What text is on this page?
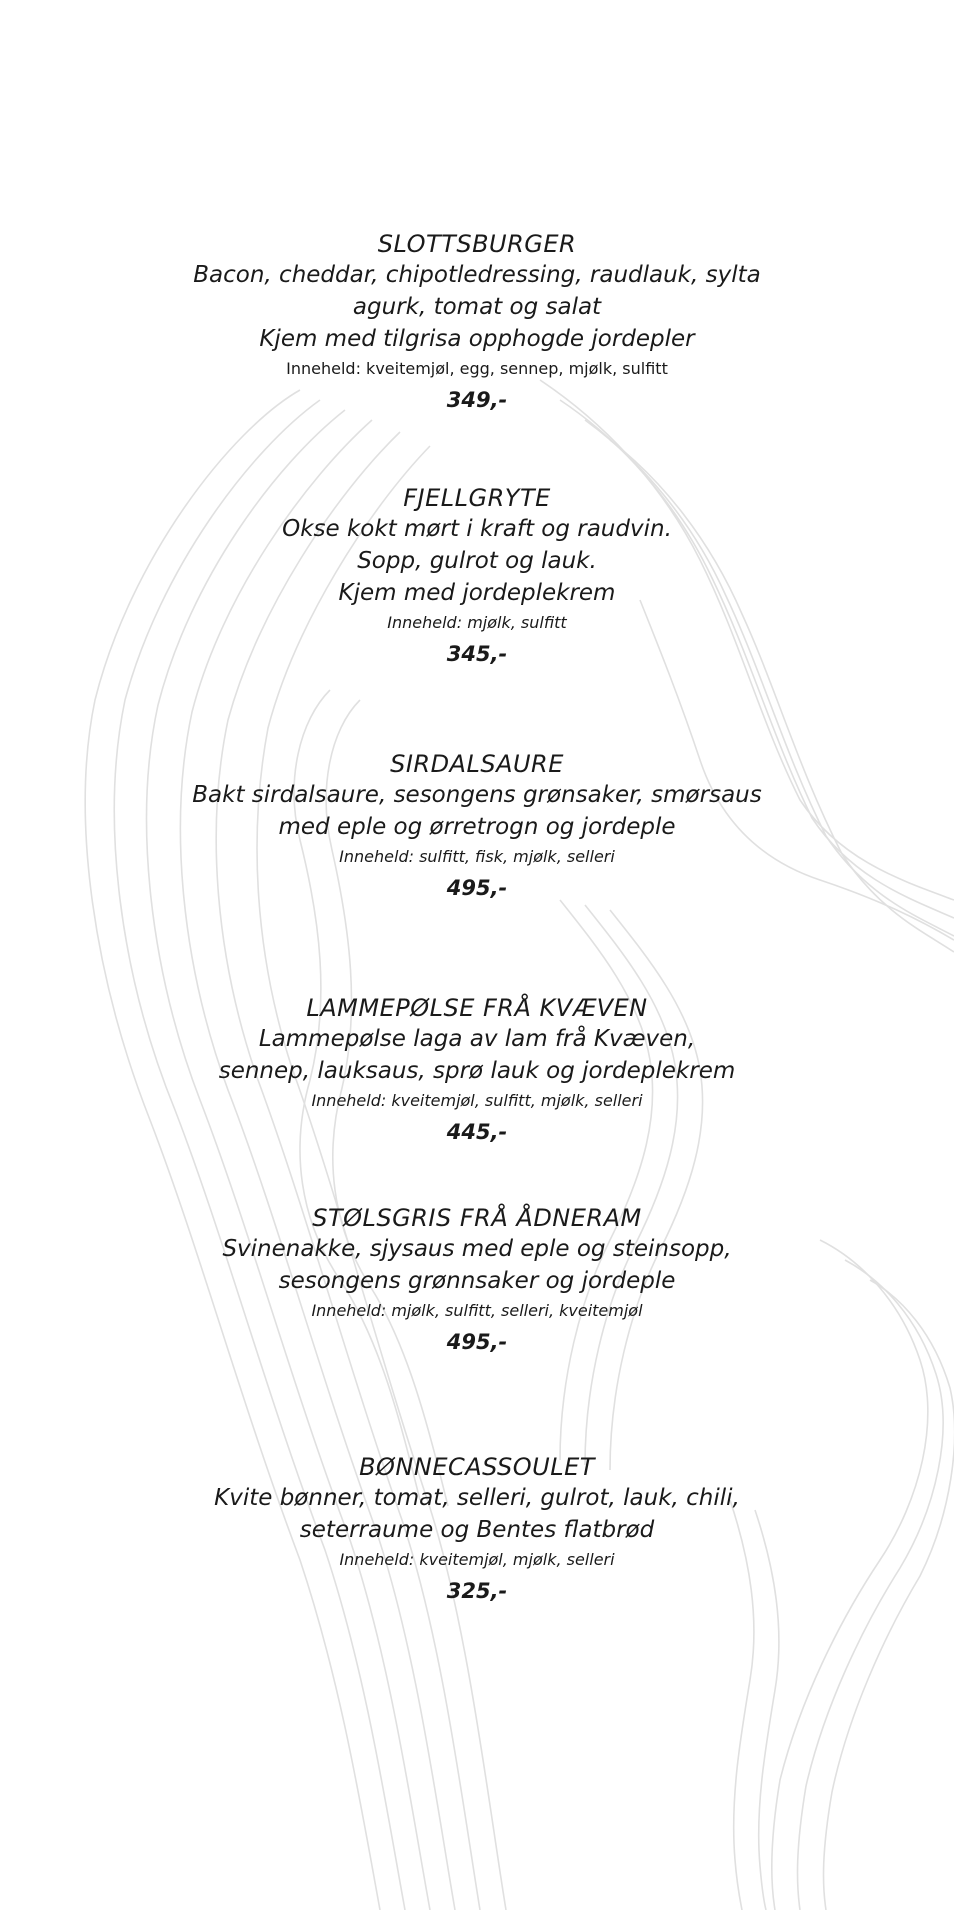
SLOTTSBURGER

Bacon, cheddar, chipotledressing, raudlauk, sylta

agurk, tomat og salat

Kjem med tilgrisa opphogde jordepler

Inneheld: kveitemjøl, egg, sennep, mjølk, sulfitt

349,-

FJELLGRYTE

Okse kokt mørt i kraft og raudvin.

Sopp, gulrot og lauk.

Kjem med jordeplekrem

Inneheld: mjølk, sulfitt

345,-

SIRDALSAURE

Bakt sirdalsaure, sesongens grønsaker, smørsaus

med eple og ørretrogn og jordeple

Inneheld: sulfitt, fisk, mjølk, selleri

495,-

LAMMEPØLSE FRÅ KVÆVEN

Lammepølse laga av lam frå Kvæven,

sennep, lauksaus, sprø lauk og jordeplekrem

Inneheld: kveitemjøl, sulfitt, mjølk, selleri

445,-

STØLSGRIS FRÅ ÅDNERAM

Svinenakke, sjysaus med eple og steinsopp,

sesongens grønnsaker og jordeple

Inneheld: mjølk, sulfitt, selleri, kveitemjøl

495,-

BØNNECASSOULET

Kvite bønner, tomat, selleri, gulrot, lauk, chili,

seterraume og Bentes flatbrød

Inneheld: kveitemjøl, mjølk, selleri

325,-
